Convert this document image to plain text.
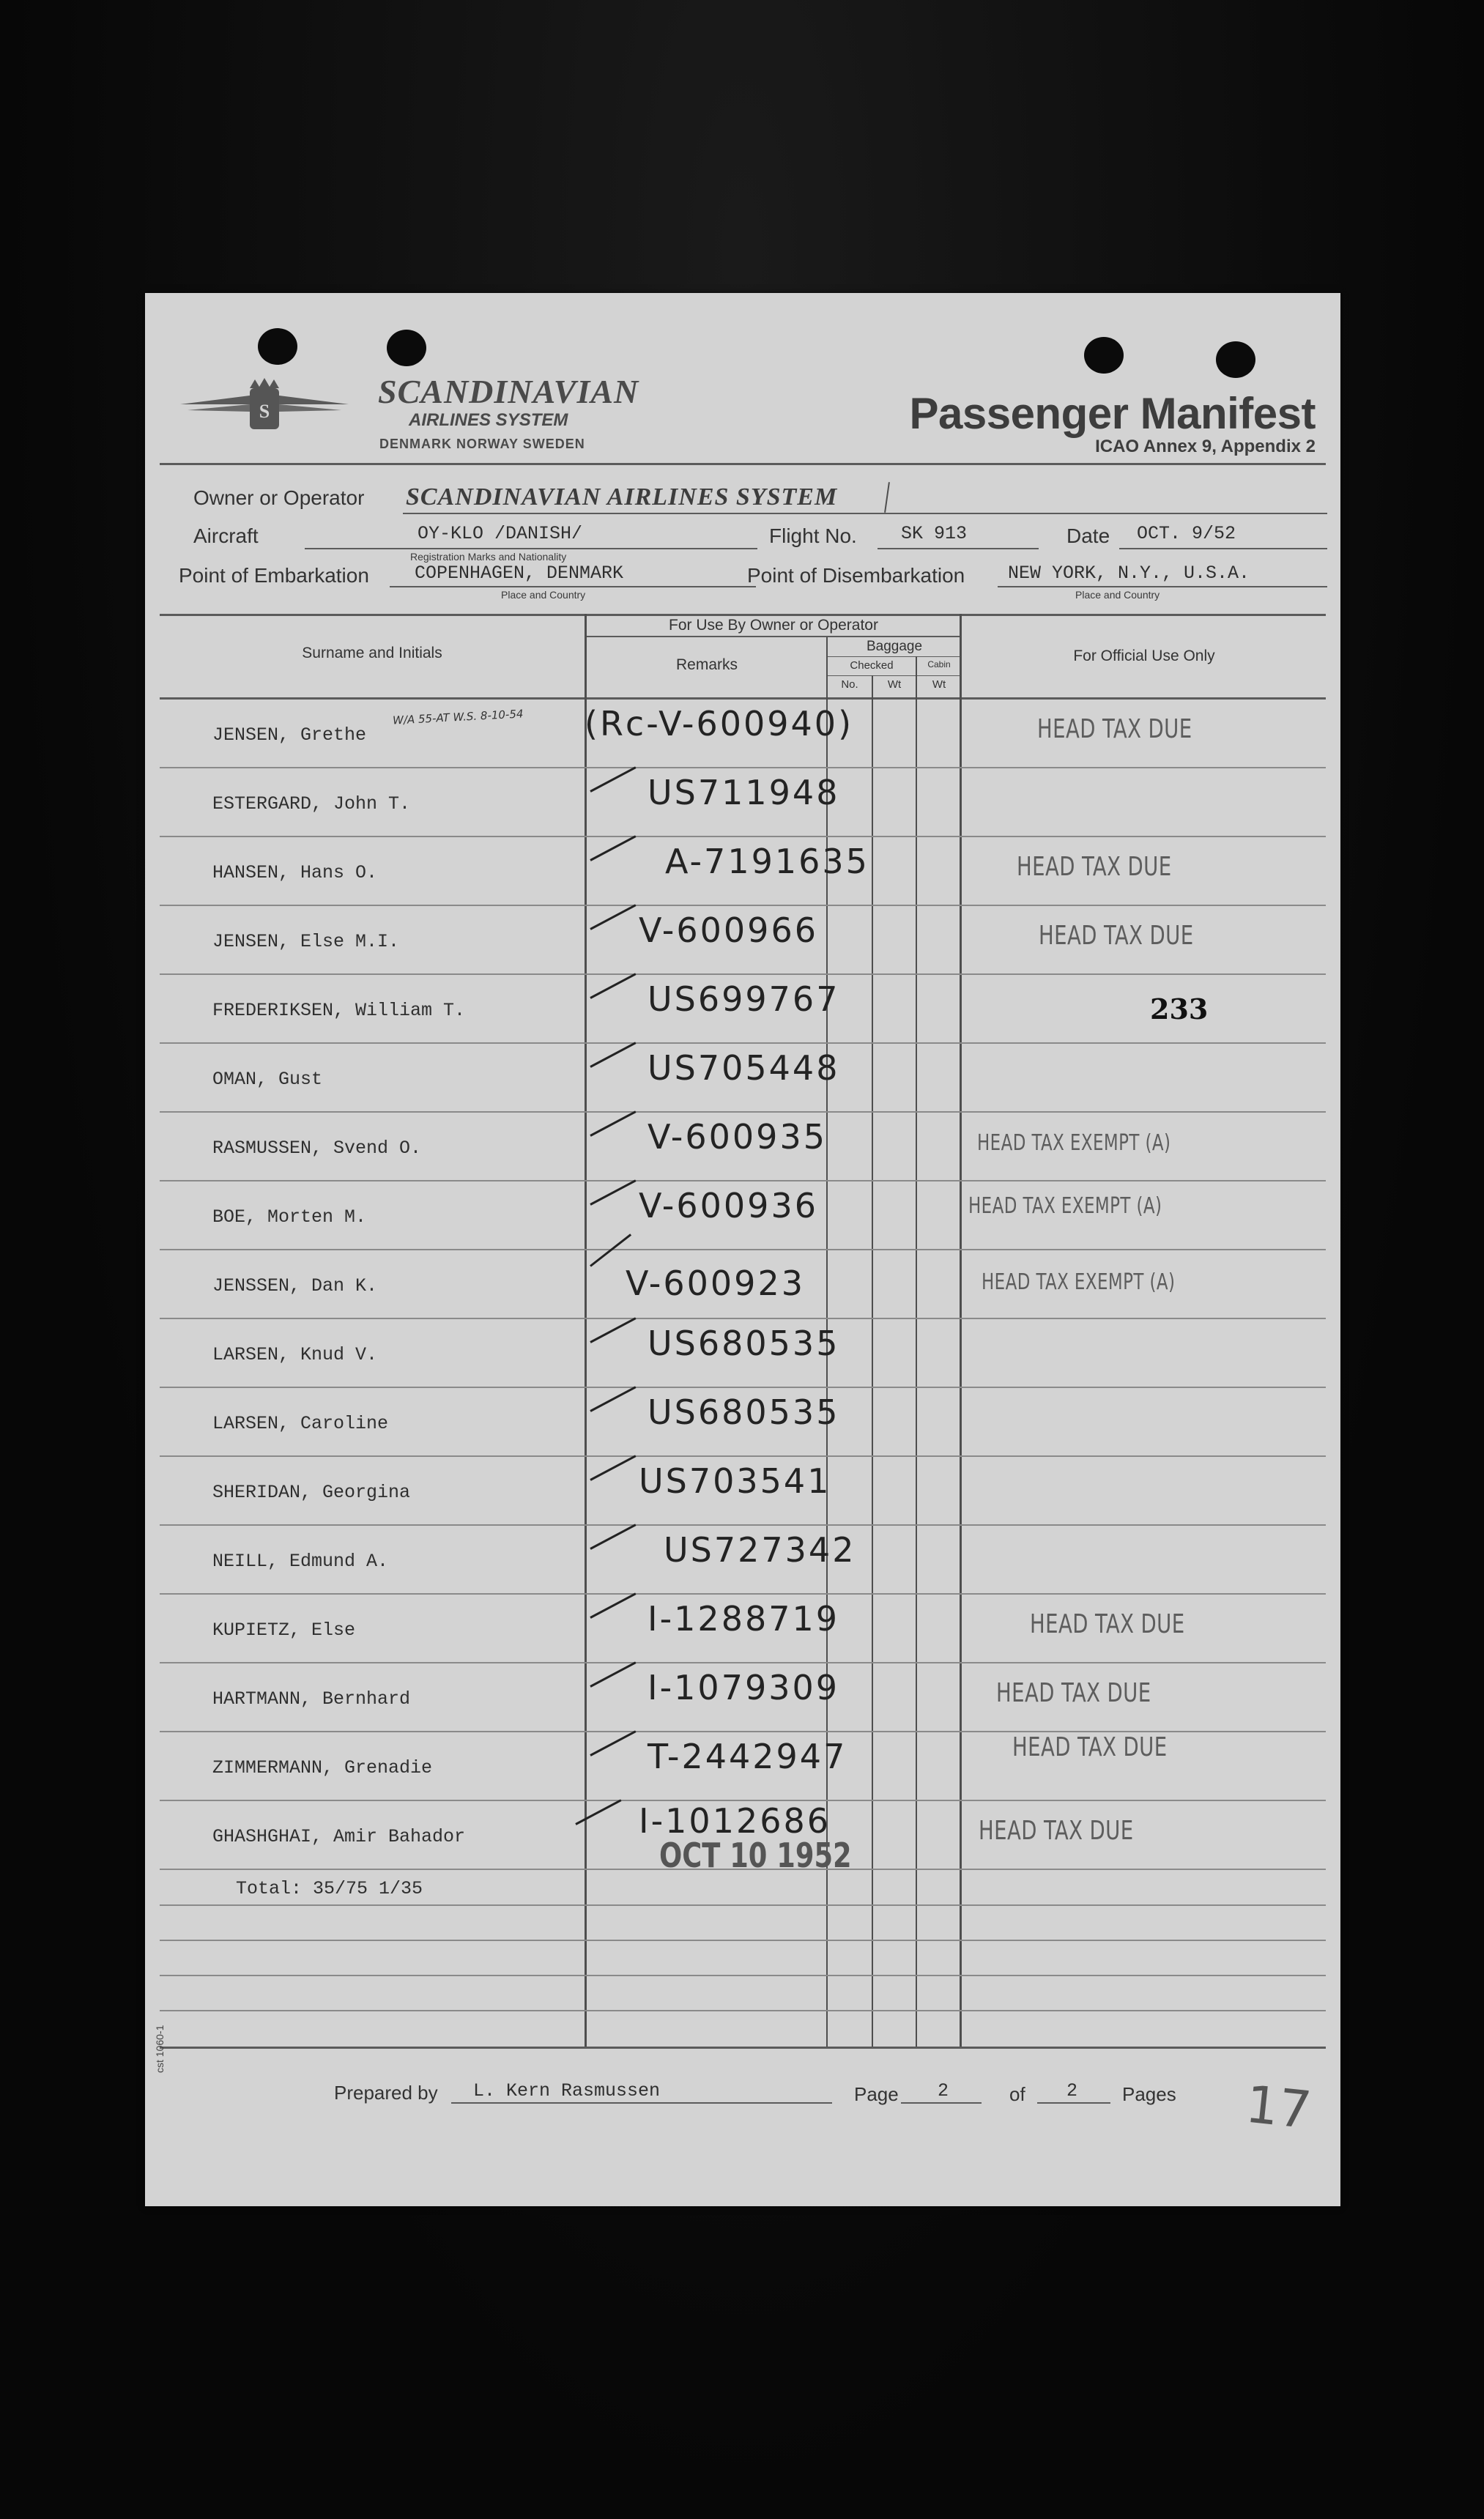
S
SCANDINAVIAN
AIRLINES SYSTEM
DENMARK NORWAY SWEDEN
Passenger Manifest
ICAO Annex 9, Appendix 2
Owner or Operator SCANDINAVIAN AIRLINES SYSTEM
Aircraft	OY-KLO /DANISH/
Registration Marks and Nationality
Flight No. SK 913	Date OCT. 9/52
Point of Embarkation COPENHAGEN, DENMARK
Place and Country
Point of Disembarkation NEW YORK, N.Y., U.S.A.
Place and Country
Surname and Initials
For Use By Owner or Operator
Remarks
Baggage
Checked	Cabin
No.	Wt	Wt
For Official Use Only
JENSEN, Grethe	(Rc-V-600940)	HEAD TAX DUE
ESTERGARD, John T.	US711948
HANSEN, Hans O.	A-7191635	HEAD TAX DUE
JENSEN, Else M.I.	V-600966	HEAD TAX DUE
FREDERIKSEN, William T.	US699767	233
OMAN, Gust	US705448
RASMUSSEN, Svend O.	V-600935	HEAD TAX EXEMPT (A)
BOE, Morten M.	V-600936	HEAD TAX EXEMPT (A)
JENSSEN, Dan K.	V-600923	HEAD TAX EXEMPT (A)
LARSEN, Knud V.	US680535
LARSEN, Caroline	US680535
SHERIDAN, Georgina	US703541
NEILL, Edmund A.	US727342
KUPIETZ, Else	I-1288719	HEAD TAX DUE
HARTMANN, Bernhard	I-1079309	HEAD TAX DUE
ZIMMERMANN, Grenadie	T-2442947	HEAD TAX DUE
GHASHGHAI, Amir Bahador	I-1012686	HEAD TAX DUE
W/A 55-AT W.S. 8-10-54
OCT 10 1952
Total: 35/75 1/35
Prepared by L. Kern Rasmussen	Page 2	of 2 Pages
cst 1060-1
17
